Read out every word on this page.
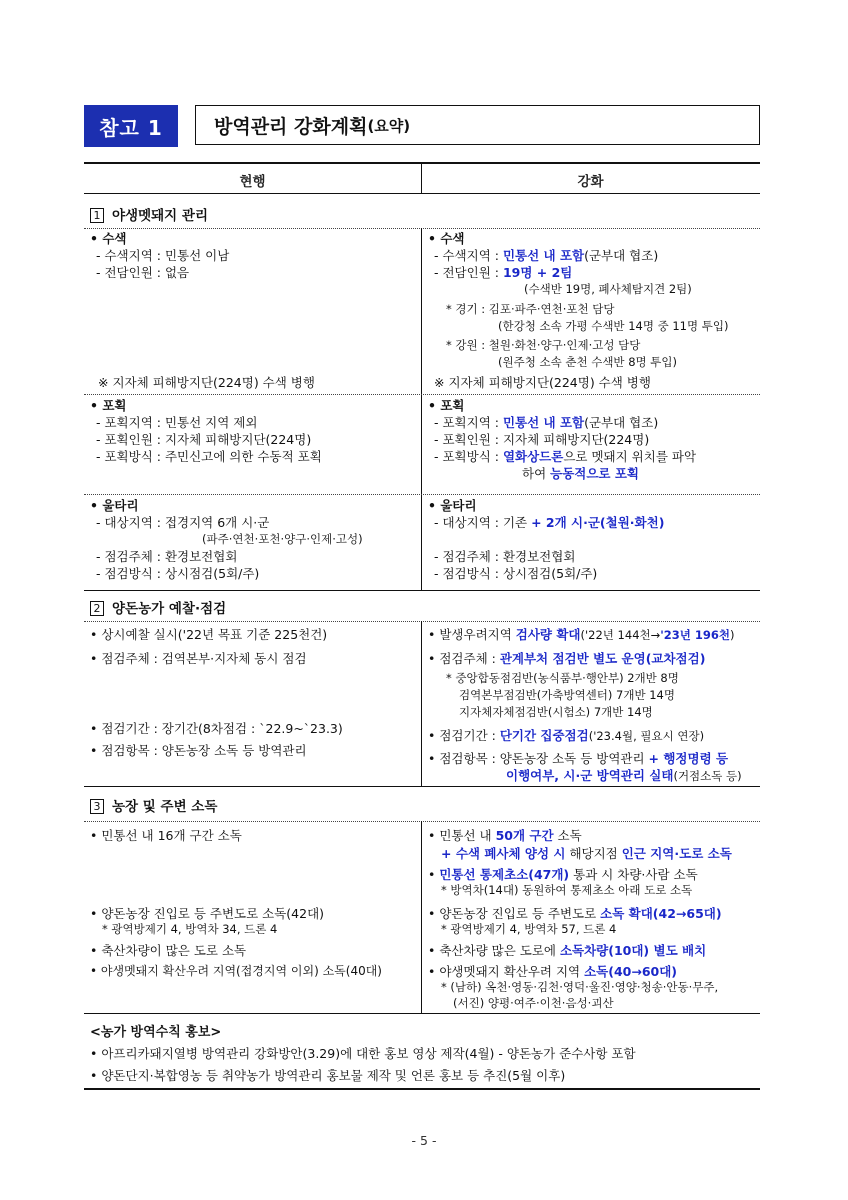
참고 1	방역관리 강화계획 (요약)
현행	강화
1 야생멧돼지 관리
• 수색
- 수색지역 : 민통선 이남
- 전담인원 : 없음
※ 지자체 피해방지단(224명) 수색 병행
• 수색
- 수색지역 : 민통선 내 포함(군부대 협조)
- 전담인원 : 19명 + 2팀
(수색반 19명, 폐사체탐지견 2팀)
* 경기 : 김포·파주·연천·포천 담당
(한강청 소속 가평 수색반 14명 중 11명 투입)
* 강원 : 철원·화천·양구·인제·고성 담당
(원주청 소속 춘천 수색반 8명 투입)
※ 지자체 피해방지단(224명) 수색 병행
• 포획
- 포획지역 : 민통선 지역 제외
- 포획인원 : 지자체 피해방지단(224명)
- 포획방식 : 주민신고에 의한 수동적 포획
• 포획
- 포획지역 : 민통선 내 포함(군부대 협조)
- 포획인원 : 지자체 피해방지단(224명)
- 포획방식 : 열화상드론으로 멧돼지 위치를 파악
하여 능동적으로 포획
• 울타리
- 대상지역 : 접경지역 6개 시·군
(파주·연천·포천·양구·인제·고성)
- 점검주체 : 환경보전협회
- 점검방식 : 상시점검(5회/주)
• 울타리
- 대상지역 : 기존 + 2개 시·군(철원·화천)
- 점검주체 : 환경보전협회
- 점검방식 : 상시점검(5회/주)
2 양돈농가 예찰·점검
• 상시예찰 실시('22년 목표 기준 225천건)
• 점검주체 : 검역본부·지자체 동시 점검
• 점검기간 : 장기간(8차점검 : `22.9~`23.3)
• 점검항목 : 양돈농장 소독 등 방역관리
• 발생우려지역 검사량 확대('22년 144천→'23년 196천)
• 점검주체 : 관계부처 점검반 별도 운영(교차점검)
* 중앙합동점검반(농식품부·행안부) 2개반 8명
검역본부점검반(가축방역센터) 7개반 14명
지자체자체점검반(시험소) 7개반 14명
• 점검기간 : 단기간 집중점검('23.4월, 필요시 연장)
• 점검항목 : 양돈농장 소독 등 방역관리 + 행정명령 등
이행여부, 시·군 방역관리 실태(거점소독 등)
3 농장 및 주변 소독
• 민통선 내 16개 구간 소독
• 양돈농장 진입로 등 주변도로 소독(42대)
* 광역방제기 4, 방역차 34, 드론 4
• 축산차량이 많은 도로 소독
• 야생멧돼지 확산우려 지역(접경지역 이외) 소독(40대)
• 민통선 내 50개 구간 소독
+ 수색 폐사체 양성 시 해당지점 인근 지역·도로 소독
• 민통선 통제초소(47개) 통과 시 차량·사람 소독
* 방역차(14대) 동원하여 통제초소 아래 도로 소독
• 양돈농장 진입로 등 주변도로 소독 확대(42→65대)
* 광역방제기 4, 방역차 57, 드론 4
• 축산차량 많은 도로에 소독차량(10대) 별도 배치
• 야생멧돼지 확산우려 지역 소독(40→60대)
* (남하) 옥천·영동·김천·영덕·울진·영양·청송·안동·무주,
(서진) 양평·여주·이천·음성·괴산
<농가 방역수칙 홍보>
• 아프리카돼지열병 방역관리 강화방안(3.29)에 대한 홍보 영상 제작(4월) - 양돈농가 준수사항 포함
• 양돈단지·복합영농 등 취약농가 방역관리 홍보물 제작 및 언론 홍보 등 추진(5월 이후)
- 5 -
